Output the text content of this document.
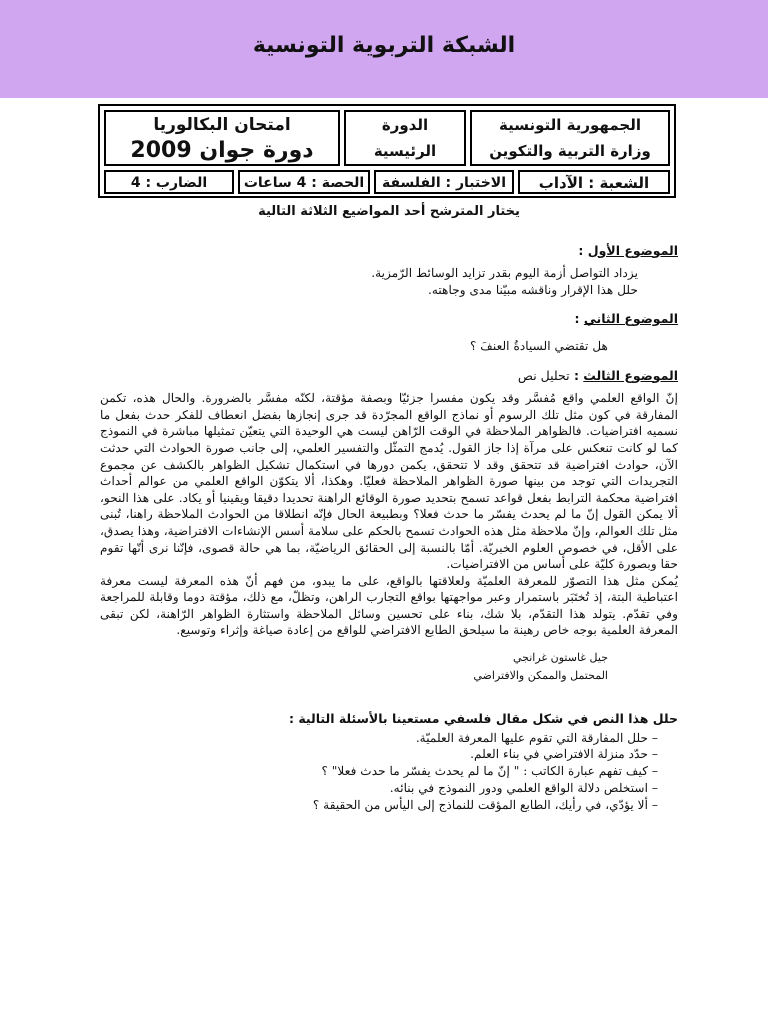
الشبكة التربوية التونسية
الجمهورية التونسية
وزارة التربية والتكوين
الدورة
الرئيسية
امتحان البكالوريا
دورة جوان 2009
الشعبة : الآداب
الاختبار : الفلسفة
الحصة : 4 ساعات
الضارب : 4
يختار المترشح أحد المواضيع الثلاثة التالية
الموضوع الأول :
يزداد التواصل أزمة اليوم بقدر تزايد الوسائط الرّمزية.
حلل هذا الإقرار وناقشه مبيّنا مدى وجاهته.
الموضوع الثاني :
هل تقتضي السيادةُ العنفَ ؟
الموضوع الثالث : تحليل نص

إنّ الواقع العلمي واقع مُفسَّر وقد يكون مفسرا جزئيّا وبصفة مؤقتة، لكنّه مفسَّر بالضرورة. والحال هذه، تكمن المفارقة في كون مثل تلك الرسوم أو نماذج الواقع المجرّدة قد جرى إنجازها بفضل انعطاف للفكر حدث بفعل ما نسميه افتراضيات. فالظواهر الملاحظة في الوقت الرّاهن ليست هي الوحيدة التي يتعيّن تمثيلها مباشرة في النموذج كما لو كانت تنعكس على مرآة إذا جاز القول. يُدمج التمثّل والتفسير العلمي، إلى جانب صورة الحوادث التي حدثت الآن، حوادث افتراضية قد تتحقق وقد لا تتحقق، يكمن دورها في استكمال تشكيل الظواهر بالكشف عن مجموع التجريدات التي توجد من بينها صورة الظواهر الملاحظة فعليّا. وهكذا، ألا يتكوّن الواقع العلمي من عوالم أحداث افتراضية محكمة الترابط بفعل قواعد تسمح بتحديد صورة الوقائع الراهنة تحديدا دقيقا ويقينيا أو يكاد. على هذا النحو، ألا يمكن القول إنّ ما لم يحدث يفسّر ما حدث فعلا؟ وبطبيعة الحال فإنّه انطلاقا من الحوادث الملاحظة راهنا، تُبنى مثل تلك العوالم، وإنّ ملاحظة مثل هذه الحوادث تسمح بالحكم على سلامة أسس الإنشاءات الافتراضية، وهذا يصدق، على الأقل، في خصوص العلوم الخبريّة. أمّا بالنسبة إلى الحقائق الرياضيّة، بما هي حالة قصوى، فإنّنا نرى أنّها تقوم حقا وبصورة كليّة على أساس من الافتراضيات.

يُمكن مثل هذا التصوّر للمعرفة العلميّة ولعلاقتها بالواقع، على ما يبدو، من فهم أنّ هذه المعرفة ليست معرفة اعتباطية البتة، إذ تُختَبَر باستمرار وعبر مواجهتها بواقع التجارب الراهن، وتظلّ، مع ذلك، مؤقتة دوما وقابلة للمراجعة وفي تقدّم. يتولد هذا التقدّم، بلا شك، بناء على تحسين وسائل الملاحظة واستثارة الظواهر الرّاهنة، لكن تبقى المعرفة العلمية بوجه خاص رهينة ما سيلحق الطابع الافتراضي للواقع من إعادة صياغة وإثراء وتوسيع.

جيل غاستون غرانجي
المحتمل والممكن والافتراضي
حلل هذا النص في شكل مقال فلسفي مستعينا بالأسئلة التالية :
– حلل المفارقة التي تقوم عليها المعرفة العلميّة.
– حدّد منزلة الافتراضي في بناء العلم.
– كيف تفهم عبارة الكاتب : " إنّ ما لم يحدث يفسّر ما حدث فعلا" ؟
– استخلص دلالة الواقع العلمي ودور النموذج في بنائه.
– ألا يؤدّي، في رأيك، الطابع المؤقت للنماذج إلى اليأس من الحقيقة ؟
